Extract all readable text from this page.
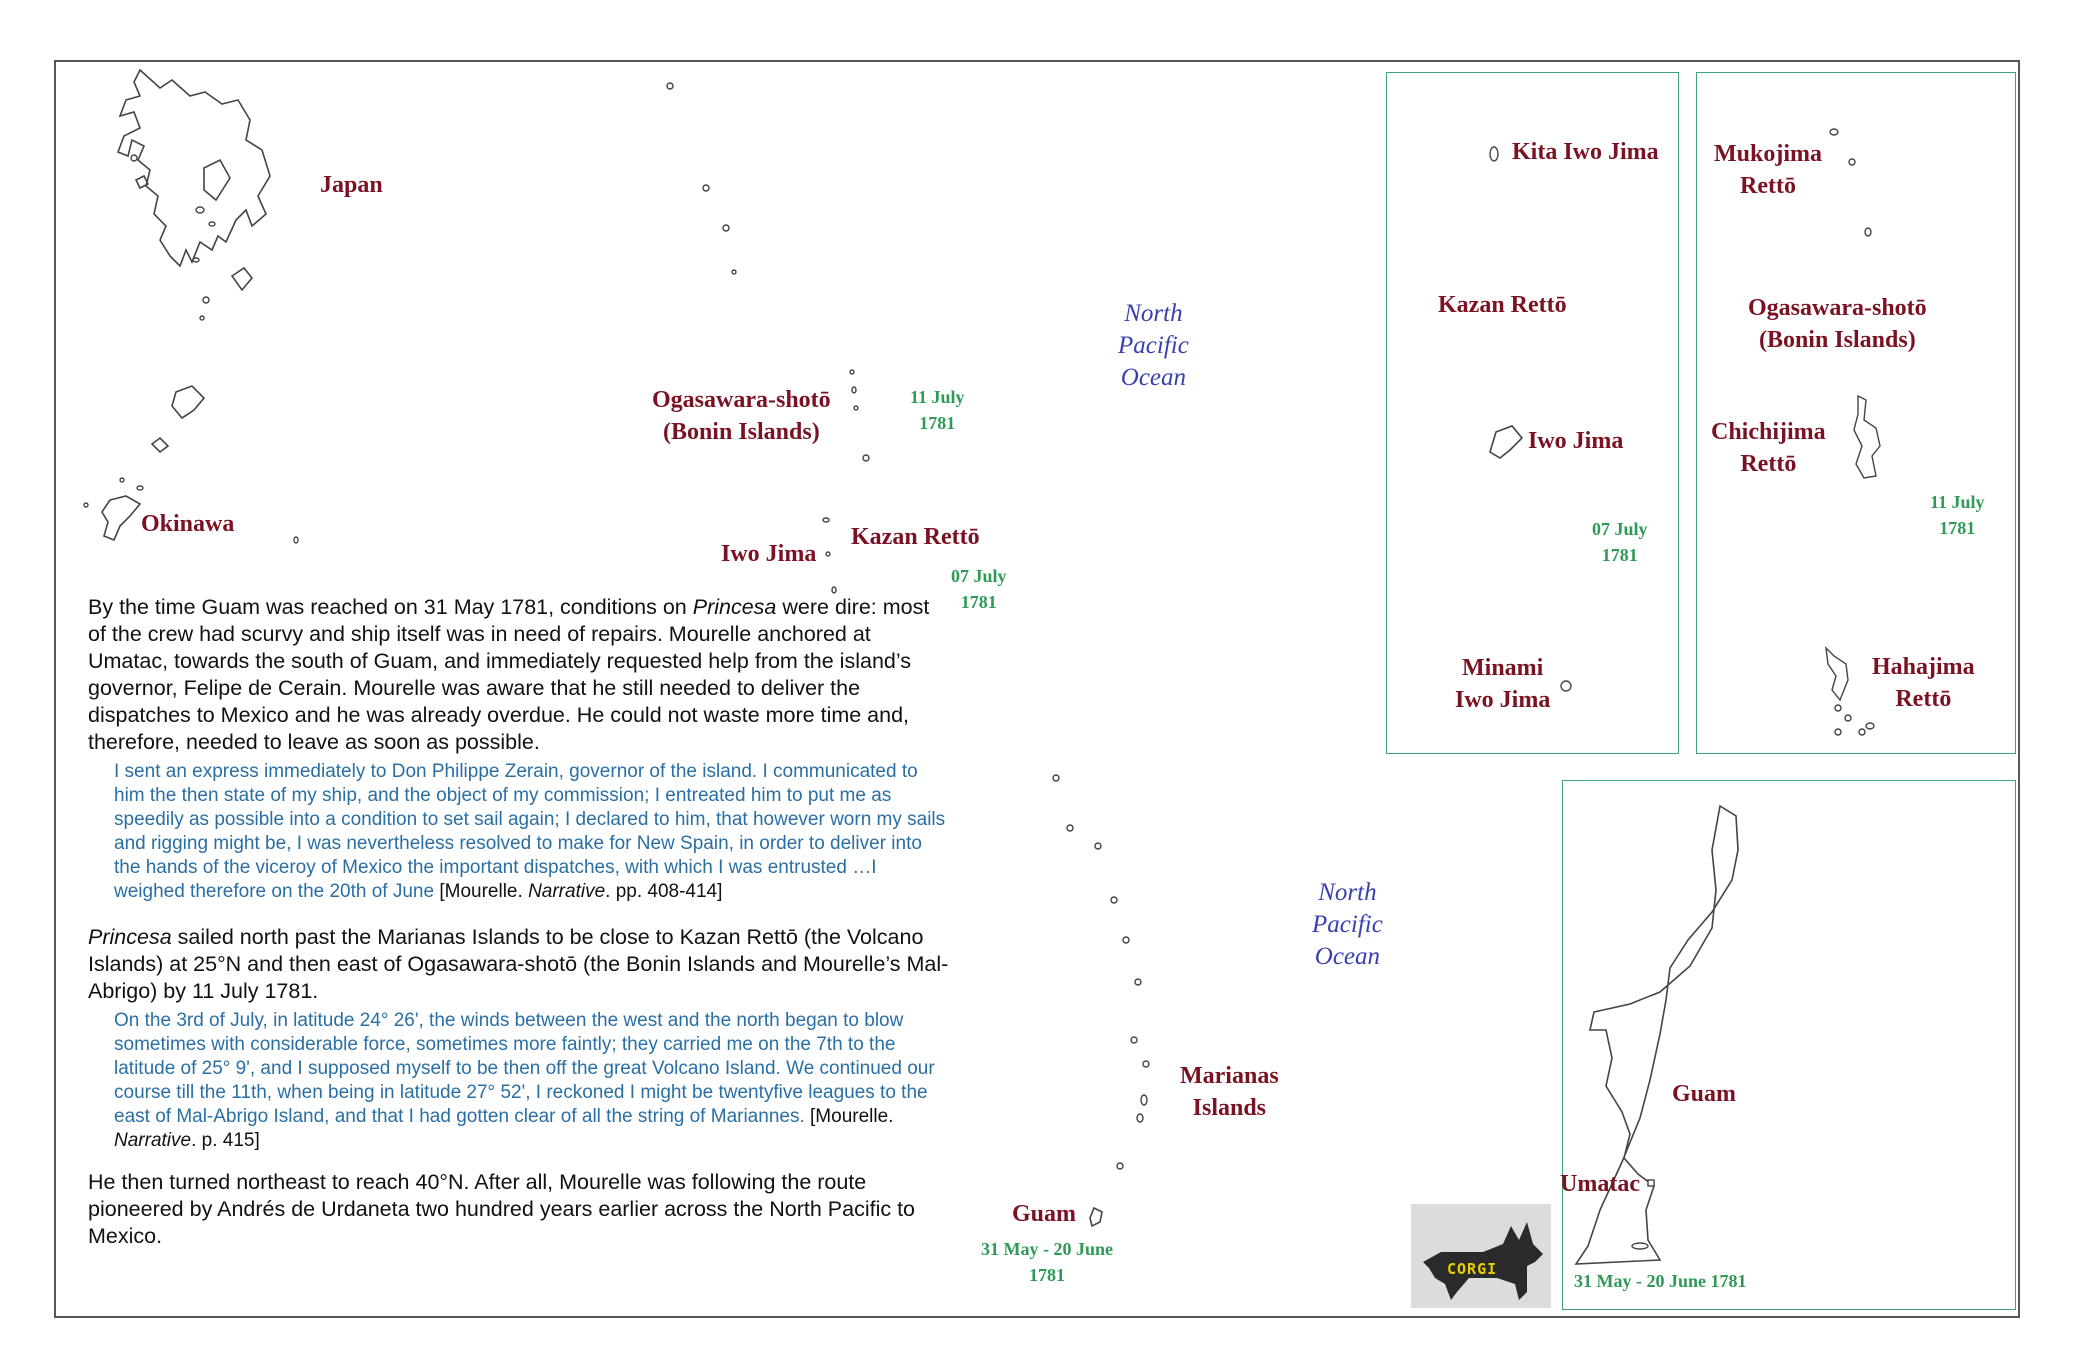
Japan
Okinawa
Ogasawara-shotō
(Bonin Islands)
Iwo Jima
Kazan Rettō
Marianas
Islands
Guam
North
Pacific
Ocean
North
Pacific
Ocean
11 July
1781
07 July
1781
31 May - 20 June
1781
Kita Iwo Jima
Kazan Rettō
Iwo Jima
Minami
Iwo Jima
07 July
1781
Mukojima
Rettō
Ogasawara-shotō
(Bonin Islands)
Chichijima
Rettō
Hahajima
Rettō
11 July
1781
Guam
Umatac
31 May - 20 June 1781

By the time Guam was reached on 31 May 1781, conditions on Princesa were dire: most of the crew had scurvy and ship itself was in need of repairs. Mourelle anchored at Umatac, towards the south of Guam, and immediately requested help from the island’s governor, Felipe de Cerain. Mourelle was aware that he still needed to deliver the dispatches to Mexico and he was already overdue. He could not waste more time and, therefore, needed to leave as soon as possible.

I sent an express immediately to Don Philippe Zerain, governor of the island. I communicated to him the then state of my ship, and the object of my commission; I entreated him to put me as speedily as possible into a condition to set sail again; I declared to him, that however worn my sails and rigging might be, I was nevertheless resolved to make for New Spain, in order to deliver into the hands of the viceroy of Mexico the important dispatches, with which I was entrusted …I weighed therefore on the 20th of June [Mourelle. Narrative. pp. 408-414]

Princesa sailed north past the Marianas Islands to be close to Kazan Rettō (the Volcano Islands) at 25°N and then east of Ogasawara-shotō (the Bonin Islands and Mourelle’s Mal-Abrigo) by 11 July 1781.

On the 3rd of July, in latitude 24° 26', the winds between the west and the north began to blow sometimes with considerable force, sometimes more faintly; they carried me on the 7th to the latitude of 25° 9', and I supposed myself to be then off the great Volcano Island. We continued our course till the 11th, when being in latitude 27° 52', I reckoned I might be twentyfive leagues to the east of Mal-Abrigo Island, and that I had gotten clear of all the string of Mariannes. [Mourelle. Narrative. p. 415]

He then turned northeast to reach 40°N. After all, Mourelle was following the route pioneered by Andrés de Urdaneta two hundred years earlier across the North Pacific to Mexico.

CORGI
